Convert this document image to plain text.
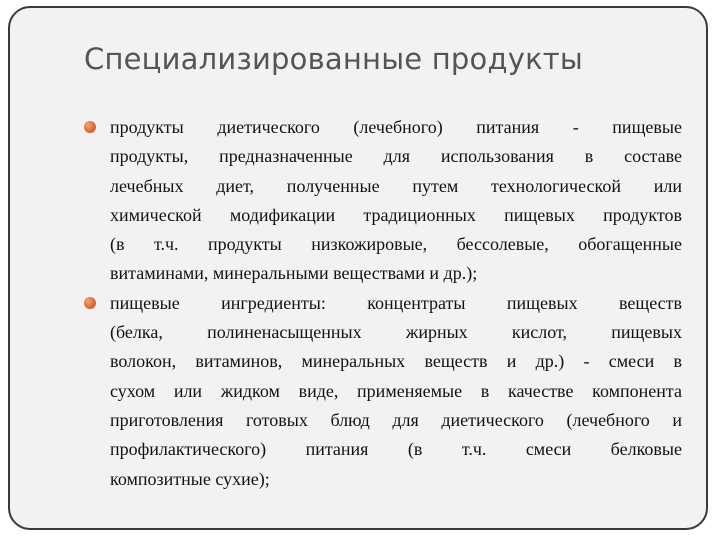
Специализированные продукты
продукты диетического (лечебного) питания - пищевые
продукты, предназначенные для использования в составе
лечебных диет, полученные путем технологической или
химической модификации традиционных пищевых продуктов
(в т.ч. продукты низкожировые, бессолевые, обогащенные
витаминами, минеральными веществами и др.);
пищевые ингредиенты: концентраты пищевых веществ
(белка, полиненасыщенных жирных кислот, пищевых
волокон, витаминов, минеральных веществ и др.) - смеси в
сухом или жидком виде, применяемые в качестве компонента
приготовления готовых блюд для диетического (лечебного и
профилактического) питания (в т.ч. смеси белковые
композитные сухие);
